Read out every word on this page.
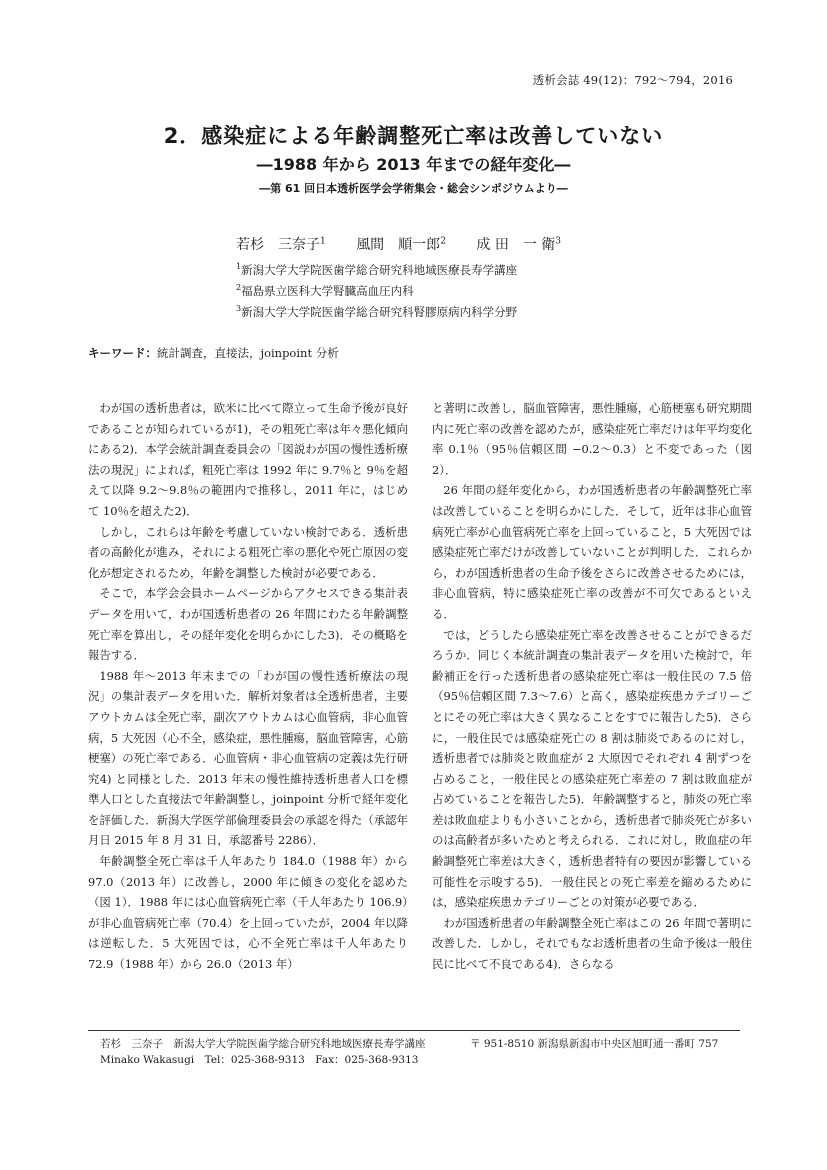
透析会誌 49(12)：792〜794，2016
2．感染症による年齢調整死亡率は改善していない
―1988 年から 2013 年までの経年変化―
―第 61 回日本透析医学会学術集会・総会シンポジウムより―
若杉　三奈子$^1$ 風間　順一郎$^2$ 成 田　一 衛$^3$
$^1$新潟大学大学院医歯学総合研究科地域医療長寿学講座
$^2$福島県立医科大学腎臓高血圧内科
$^3$新潟大学大学院医歯学総合研究科腎膠原病内科学分野
キーワード：統計調査，直接法，joinpoint 分析

わが国の透析患者は，欧米に比べて際立って生命予後が良好であることが知られているが1)，その粗死亡率は年々悪化傾向にある2)．本学会統計調査委員会の「図説わが国の慢性透析療法の現況」によれば，粗死亡率は 1992 年に 9.7％と 9％を超えて以降 9.2〜9.8％の範囲内で推移し，2011 年に，はじめて 10％を超えた2)．

しかし，これらは年齢を考慮していない検討である．透析患者の高齢化が進み，それによる粗死亡率の悪化や死亡原因の変化が想定されるため，年齢を調整した検討が必要である．

そこで，本学会会員ホームページからアクセスできる集計表データを用いて，わが国透析患者の 26 年間にわたる年齢調整死亡率を算出し，その経年変化を明らかにした3)．その概略を報告する．

1988 年〜2013 年末までの「わが国の慢性透析療法の現況」の集計表データを用いた．解析対象者は全透析患者，主要アウトカムは全死亡率，副次アウトカムは心血管病，非心血管病，5 大死因（心不全，感染症，悪性腫瘍，脳血管障害，心筋梗塞）の死亡率である．心血管病・非心血管病の定義は先行研究4) と同様とした．2013 年末の慢性維持透析患者人口を標準人口とした直接法で年齢調整し，joinpoint 分析で経年変化を評価した．新潟大学医学部倫理委員会の承認を得た（承認年月日 2015 年 8 月 31 日，承認番号 2286）．

年齢調整全死亡率は千人年あたり 184.0（1988 年）から 97.0（2013 年）に改善し，2000 年に傾きの変化を認めた（図 1）．1988 年には心血管病死亡率（千人年あたり 106.9）が非心血管病死亡率（70.4）を上回っていたが，2004 年以降は逆転した．5 大死因では，心不全死亡率は千人年あたり 72.9（1988 年）から 26.0（2013 年）

と著明に改善し，脳血管障害，悪性腫瘍，心筋梗塞も研究期間内に死亡率の改善を認めたが，感染症死亡率だけは年平均変化率 0.1％（95％信頼区間 −0.2〜0.3）と不変であった（図 2）．

26 年間の経年変化から，わが国透析患者の年齢調整死亡率は改善していることを明らかにした．そして，近年は非心血管病死亡率が心血管病死亡率を上回っていること，5 大死因では感染症死亡率だけが改善していないことが判明した．これらから，わが国透析患者の生命予後をさらに改善させるためには，非心血管病，特に感染症死亡率の改善が不可欠であるといえる．

では，どうしたら感染症死亡率を改善させることができるだろうか．同じく本統計調査の集計表データを用いた検討で，年齢補正を行った透析患者の感染症死亡率は一般住民の 7.5 倍（95％信頼区間 7.3〜7.6）と高く，感染症疾患カテゴリーごとにその死亡率は大きく異なることをすでに報告した5)．さらに，一般住民では感染症死亡の 8 割は肺炎であるのに対し，透析患者では肺炎と敗血症が 2 大原因でそれぞれ 4 割ずつを占めること，一般住民との感染症死亡率差の 7 割は敗血症が占めていることを報告した5)．年齢調整すると，肺炎の死亡率差は敗血症よりも小さいことから，透析患者で肺炎死亡が多いのは高齢者が多いためと考えられる．これに対し，敗血症の年齢調整死亡率差は大きく，透析患者特有の要因が影響している可能性を示唆する5)．一般住民との死亡率差を縮めるためには，感染症疾患カテゴリーごとの対策が必要である．

わが国透析患者の年齢調整全死亡率はこの 26 年間で著明に改善した．しかし，それでもなお透析患者の生命予後は一般住民に比べて不良である4)．さらなる

若杉　三奈子　新潟大学大学院医歯学総合研究科地域医療長寿学講座	〒 951-8510 新潟県新潟市中央区旭町通一番町 757
Minako Wakasugi　Tel：025-368-9313　Fax：025-368-9313
